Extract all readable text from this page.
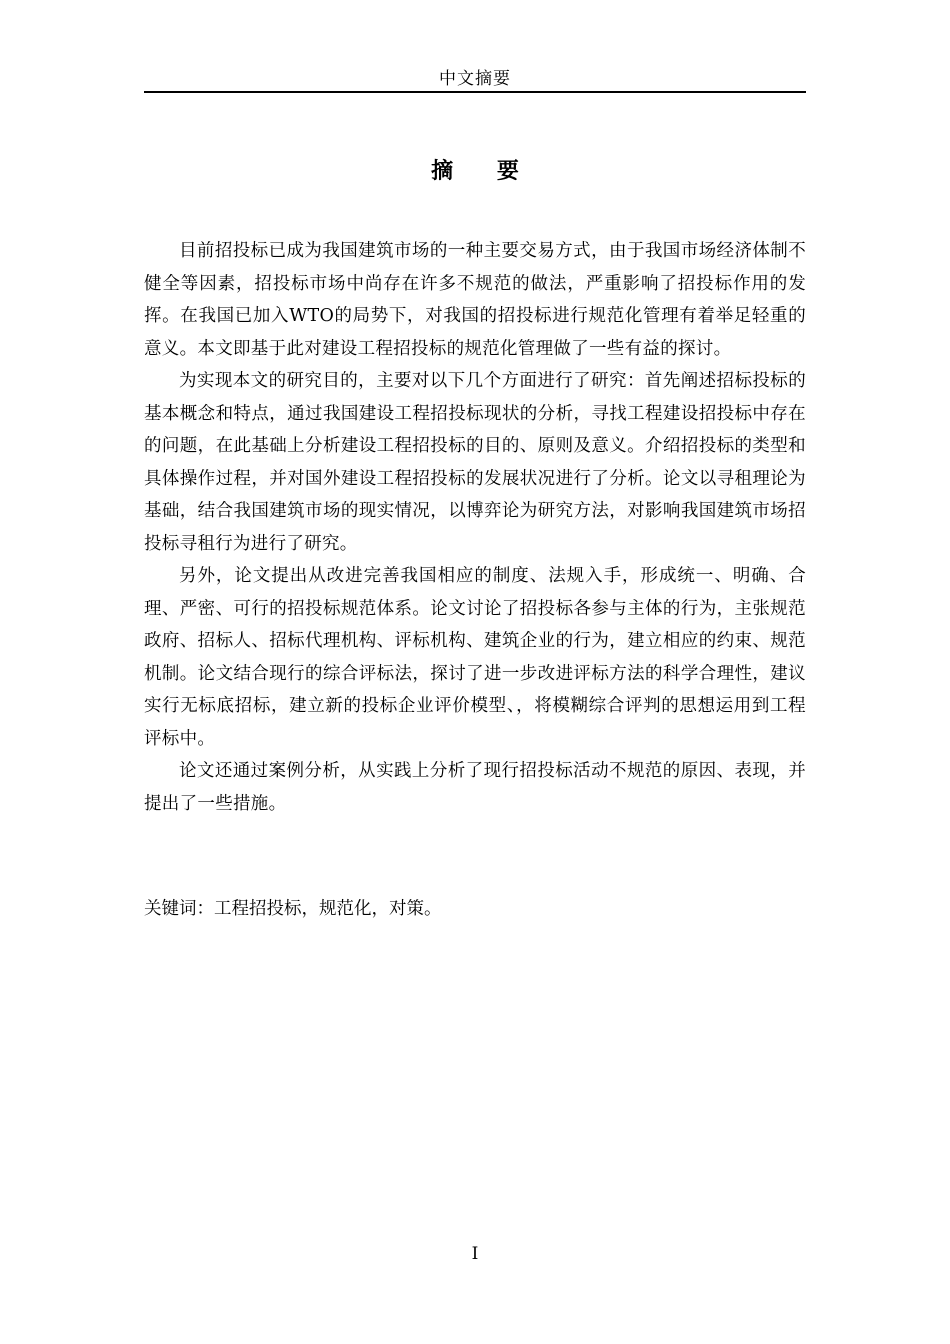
中文摘要
摘 要

目前招投标已成为我国建筑市场的一种主要交易方式，由于我国市场经济体制不健全等因素，招投标市场中尚存在许多不规范的做法，严重影响了招投标作用的发挥。在我国已加入WTO的局势下，对我国的招投标进行规范化管理有着举足轻重的意义。本文即基于此对建设工程招投标的规范化管理做了一些有益的探讨。

为实现本文的研究目的，主要对以下几个方面进行了研究：首先阐述招标投标的基本概念和特点，通过我国建设工程招投标现状的分析，寻找工程建设招投标中存在的问题，在此基础上分析建设工程招投标的目的、原则及意义。介绍招投标的类型和具体操作过程，并对国外建设工程招投标的发展状况进行了分析。论文以寻租理论为基础，结合我国建筑市场的现实情况，以博弈论为研究方法，对影响我国建筑市场招投标寻租行为进行了研究。

另外，论文提出从改进完善我国相应的制度、法规入手，形成统一、明确、合理、严密、可行的招投标规范体系。论文讨论了招投标各参与主体的行为，主张规范政府、招标人、招标代理机构、评标机构、建筑企业的行为，建立相应的约束、规范机制。论文结合现行的综合评标法，探讨了进一步改进评标方法的科学合理性，建议实行无标底招标，建立新的投标企业评价模型、，将模糊综合评判的思想运用到工程评标中。

论文还通过案例分析，从实践上分析了现行招投标活动不规范的原因、表现，并提出了一些措施。

关键词：工程招投标，规范化，对策。
I
